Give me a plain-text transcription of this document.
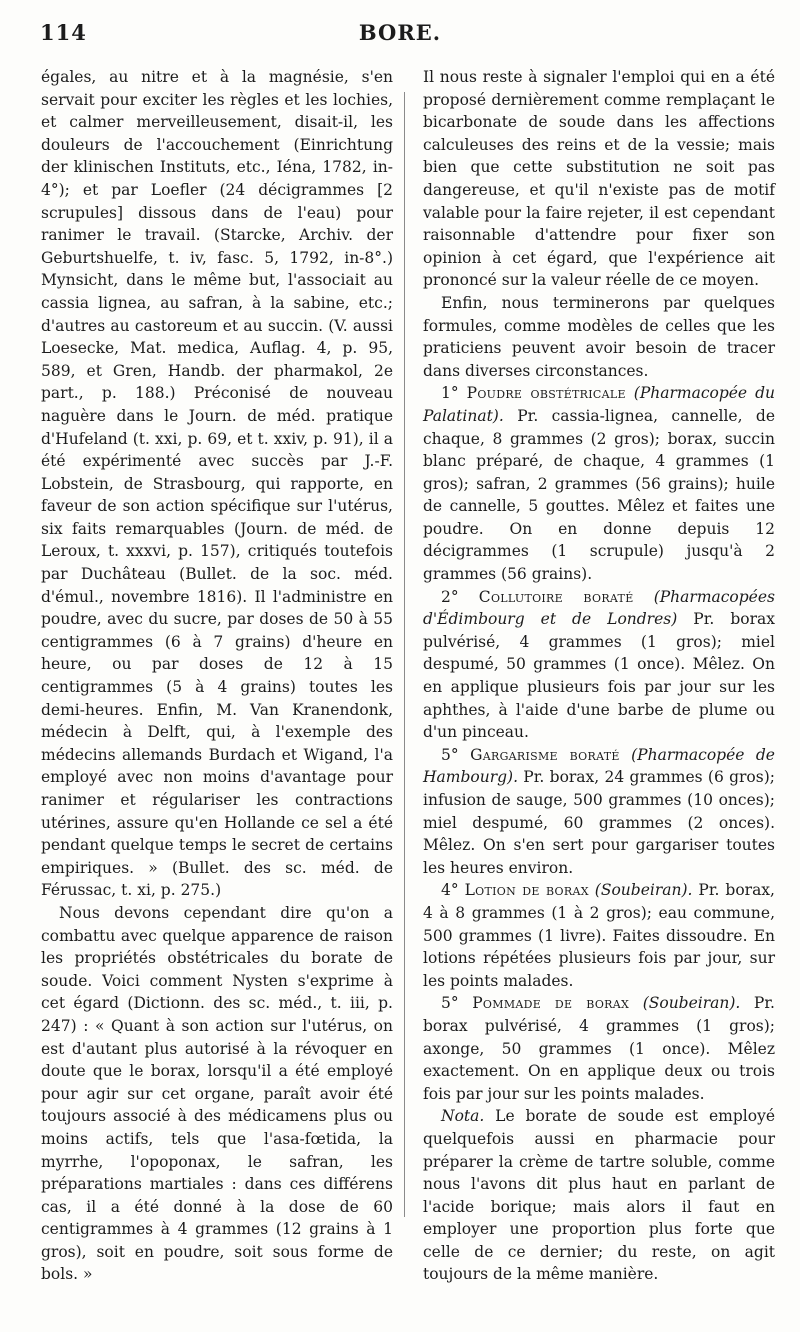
114	BORE.

égales, au nitre et à la magnésie, s'en servait pour exciter les règles et les lochies, et calmer merveilleusement, disait-il, les douleurs de l'accouchement (Einrichtung der klinischen Instituts, etc., Iéna, 1782, in-4°); et par Loefler (24 décigrammes [2 scrupules] dissous dans de l'eau) pour ranimer le travail. (Starcke, Archiv. der Geburtshuelfe, t. iv, fasc. 5, 1792, in-8°.) Mynsicht, dans le même but, l'associait au cassia lignea, au safran, à la sabine, etc.; d'autres au castoreum et au succin. (V. aussi Loesecke, Mat. medica, Auflag. 4, p. 95, 589, et Gren, Handb. der pharmakol, 2e part., p. 188.) Préconisé de nouveau naguère dans le Journ. de méd. pratique d'Hufeland (t. xxi, p. 69, et t. xxiv, p. 91), il a été expérimenté avec succès par J.-F. Lobstein, de Strasbourg, qui rapporte, en faveur de son action spécifique sur l'utérus, six faits remarquables (Journ. de méd. de Leroux, t. xxxvi, p. 157), critiqués toutefois par Duchâteau (Bullet. de la soc. méd. d'émul., novembre 1816). Il l'administre en poudre, avec du sucre, par doses de 50 à 55 centigrammes (6 à 7 grains) d'heure en heure, ou par doses de 12 à 15 centigrammes (5 à 4 grains) toutes les demi-heures. Enfin, M. Van Kranendonk, médecin à Delft, qui, à l'exemple des médecins allemands Burdach et Wigand, l'a employé avec non moins d'avantage pour ranimer et régulariser les contractions utérines, assure qu'en Hollande ce sel a été pendant quelque temps le secret de certains empiriques. » (Bullet. des sc. méd. de Férussac, t. xi, p. 275.)

Nous devons cependant dire qu'on a combattu avec quelque apparence de raison les propriétés obstétricales du borate de soude. Voici comment Nysten s'exprime à cet égard (Dictionn. des sc. méd., t. iii, p. 247) : « Quant à son action sur l'utérus, on est d'autant plus autorisé à la révoquer en doute que le borax, lorsqu'il a été employé pour agir sur cet organe, paraît avoir été toujours associé à des médicamens plus ou moins actifs, tels que l'asa-fœtida, la myrrhe, l'opoponax, le safran, les préparations martiales : dans ces différens cas, il a été donné à la dose de 60 centigrammes à 4 grammes (12 grains à 1 gros), soit en poudre, soit sous forme de bols. »

Il nous reste à signaler l'emploi qui en a été proposé dernièrement comme remplaçant le bicarbonate de soude dans les affections calculeuses des reins et de la vessie; mais bien que cette substitution ne soit pas dangereuse, et qu'il n'existe pas de motif valable pour la faire rejeter, il est cependant raisonnable d'attendre pour fixer son opinion à cet égard, que l'expérience ait prononcé sur la valeur réelle de ce moyen.

Enfin, nous terminerons par quelques formules, comme modèles de celles que les praticiens peuvent avoir besoin de tracer dans diverses circonstances.

1° Poudre obstétricale (Pharmacopée du Palatinat). Pr. cassia-lignea, cannelle, de chaque, 8 grammes (2 gros); borax, succin blanc préparé, de chaque, 4 grammes (1 gros); safran, 2 grammes (56 grains); huile de cannelle, 5 gouttes. Mêlez et faites une poudre. On en donne depuis 12 décigrammes (1 scrupule) jusqu'à 2 grammes (56 grains).

2° Collutoire boraté (Pharmacopées d'Édimbourg et de Londres) Pr. borax pulvérisé, 4 grammes (1 gros); miel despumé, 50 grammes (1 once). Mêlez. On en applique plusieurs fois par jour sur les aphthes, à l'aide d'une barbe de plume ou d'un pinceau.

5° Gargarisme boraté (Pharmacopée de Hambourg). Pr. borax, 24 grammes (6 gros); infusion de sauge, 500 grammes (10 onces); miel despumé, 60 grammes (2 onces). Mêlez. On s'en sert pour gargariser toutes les heures environ.

4° Lotion de borax (Soubeiran). Pr. borax, 4 à 8 grammes (1 à 2 gros); eau commune, 500 grammes (1 livre). Faites dissoudre. En lotions répétées plusieurs fois par jour, sur les points malades.

5° Pommade de borax (Soubeiran). Pr. borax pulvérisé, 4 grammes (1 gros); axonge, 50 grammes (1 once). Mêlez exactement. On en applique deux ou trois fois par jour sur les points malades.

Nota. Le borate de soude est employé quelquefois aussi en pharmacie pour préparer la crème de tartre soluble, comme nous l'avons dit plus haut en parlant de l'acide borique; mais alors il faut en employer une proportion plus forte que celle de ce dernier; du reste, on agit toujours de la même manière.
